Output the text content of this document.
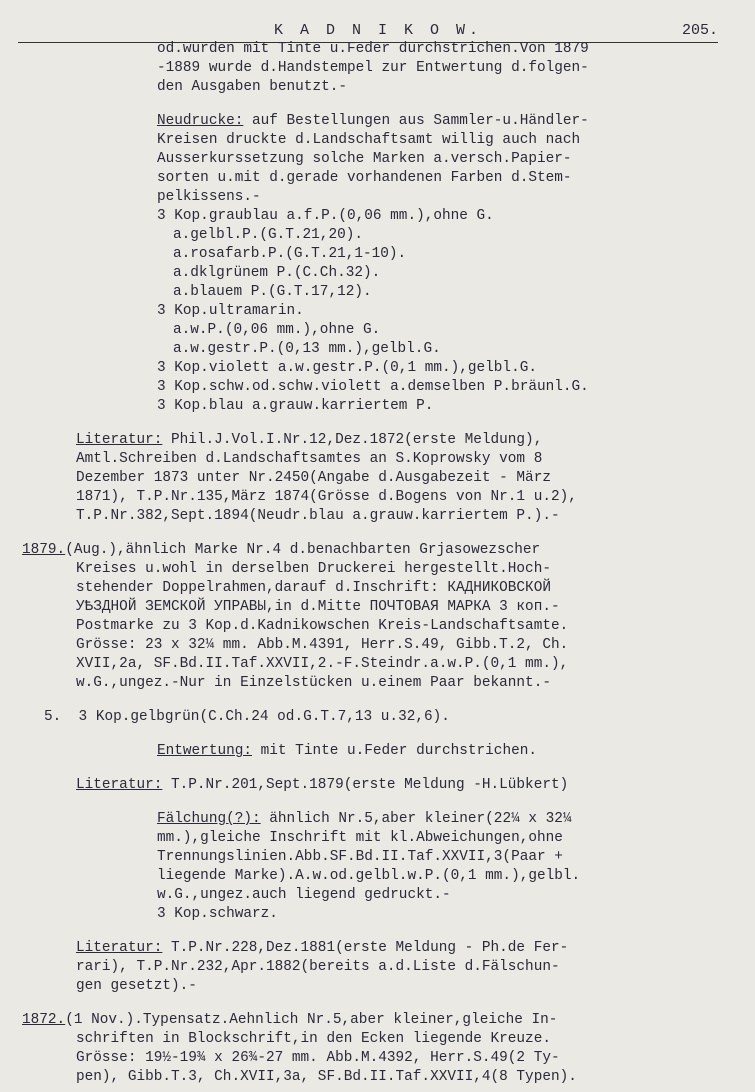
K A D N I K O W.	205.
od.wurden mit Tinte u.Feder durchstrichen.Von 1879
-1889 wurde d.Handstempel zur Entwertung d.folgen-
den Ausgaben benutzt.-
Neudrucke: auf Bestellungen aus Sammler-u.Händler-
Kreisen druckte d.Landschaftsamt willig auch nach
Ausserkurssetzung solche Marken a.versch.Papier-
sorten u.mit d.gerade vorhandenen Farben d.Stem-
pelkissens.-
3 Kop.graublau a.f.P.(0,06 mm.),ohne G.
a.gelbl.P.(G.T.21,20).
a.rosafarb.P.(G.T.21,1-10).
a.dklgrünem P.(C.Ch.32).
a.blauem P.(G.T.17,12).
3 Kop.ultramarin.
a.w.P.(0,06 mm.),ohne G.
a.w.gestr.P.(0,13 mm.),gelbl.G.
3 Kop.violett a.w.gestr.P.(0,1 mm.),gelbl.G.
3 Kop.schw.od.schw.violett a.demselben P.bräunl.G.
3 Kop.blau a.grauw.karriertem P.
Literatur: Phil.J.Vol.I.Nr.12,Dez.1872(erste Meldung),
Amtl.Schreiben d.Landschaftsamtes an S.Koprowsky vom 8
Dezember 1873 unter Nr.2450(Angabe d.Ausgabezeit - März
1871), T.P.Nr.135,März 1874(Grösse d.Bogens von Nr.1 u.2),
T.P.Nr.382,Sept.1894(Neudr.blau a.grauw.karriertem P.).-
1879.(Aug.),ähnlich Marke Nr.4 d.benachbarten Grjasowezscher
Kreises u.wohl in derselben Druckerei hergestellt.Hoch-
stehender Doppelrahmen,darauf d.Inschrift: КАДНИКОВСКОЙ
УѢЗДНОЙ ЗЕМСКОЙ УПРАВЫ,in d.Mitte ПОЧТОВАЯ МАРКА 3 коп.-
Postmarke zu 3 Kop.d.Kadnikowschen Kreis-Landschaftsamte.
Grösse: 23 x 32¼ mm. Abb.M.4391, Herr.S.49, Gibb.T.2, Ch.
XVII,2a, SF.Bd.II.Taf.XXVII,2.-F.Steindr.a.w.P.(0,1 mm.),
w.G.,ungez.-Nur in Einzelstücken u.einem Paar bekannt.-
5.  3 Kop.gelbgrün(C.Ch.24 od.G.T.7,13 u.32,6).
Entwertung: mit Tinte u.Feder durchstrichen.
Literatur: T.P.Nr.201,Sept.1879(erste Meldung -H.Lübkert)
Fälchung(?): ähnlich Nr.5,aber kleiner(22¼ x 32¼
mm.),gleiche Inschrift mit kl.Abweichungen,ohne
Trennungslinien.Abb.SF.Bd.II.Taf.XXVII,3(Paar +
liegende Marke).A.w.od.gelbl.w.P.(0,1 mm.),gelbl.
w.G.,ungez.auch liegend gedruckt.-
3 Kop.schwarz.
Literatur: T.P.Nr.228,Dez.1881(erste Meldung - Ph.de Fer-
rari), T.P.Nr.232,Apr.1882(bereits a.d.Liste d.Fälschun-
gen gesetzt).-
1872.(1 Nov.).Typensatz.Aehnlich Nr.5,aber kleiner,gleiche In-
schriften in Blockschrift,in den Ecken liegende Kreuze.
Grösse: 19½-19¾ x 26¾-27 mm. Abb.M.4392, Herr.S.49(2 Ty-
pen), Gibb.T.3, Ch.XVII,3a, SF.Bd.II.Taf.XXVII,4(8 Typen).
